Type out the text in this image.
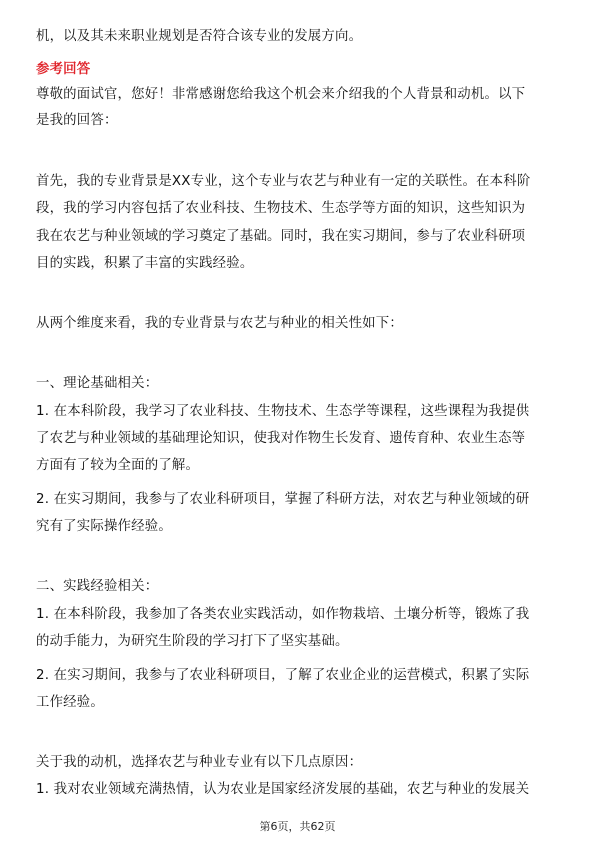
机，以及其未来职业规划是否符合该专业的发展方向。
参考回答
尊敬的面试官，您好！非常感谢您给我这个机会来介绍我的个人背景和动机。以下
是我的回答：
首先，我的专业背景是XX专业，这个专业与农艺与种业有一定的关联性。在本科阶
段，我的学习内容包括了农业科技、生物技术、生态学等方面的知识，这些知识为
我在农艺与种业领域的学习奠定了基础。同时，我在实习期间，参与了农业科研项
目的实践，积累了丰富的实践经验。
从两个维度来看，我的专业背景与农艺与种业的相关性如下：
一、理论基础相关：
1. 在本科阶段，我学习了农业科技、生物技术、生态学等课程，这些课程为我提供
了农艺与种业领域的基础理论知识，使我对作物生长发育、遗传育种、农业生态等
方面有了较为全面的了解。
2. 在实习期间，我参与了农业科研项目，掌握了科研方法，对农艺与种业领域的研
究有了实际操作经验。
二、实践经验相关：
1. 在本科阶段，我参加了各类农业实践活动，如作物栽培、土壤分析等，锻炼了我
的动手能力，为研究生阶段的学习打下了坚实基础。
2. 在实习期间，我参与了农业科研项目，了解了农业企业的运营模式，积累了实际
工作经验。
关于我的动机，选择农艺与种业专业有以下几点原因：
1. 我对农业领域充满热情，认为农业是国家经济发展的基础，农艺与种业的发展关
第6页，共62页
